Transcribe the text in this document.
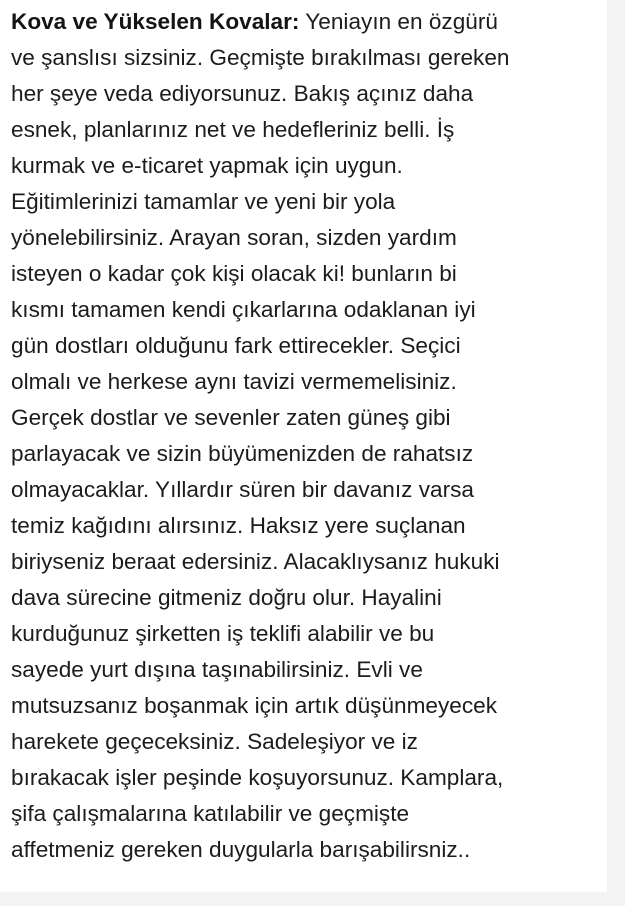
Kova ve Yükselen Kovalar: Yeniayın en özgürü
ve şanslısı sizsiniz. Geçmişte bırakılması gereken
her şeye veda ediyorsunuz. Bakış açınız daha
esnek, planlarınız net ve hedefleriniz belli. İş
kurmak ve e-ticaret yapmak için uygun.
Eğitimlerinizi tamamlar ve yeni bir yola
yönelebilirsiniz. Arayan soran, sizden yardım
isteyen o kadar çok kişi olacak ki! bunların bi
kısmı tamamen kendi çıkarlarına odaklanan iyi
gün dostları olduğunu fark ettirecekler. Seçici
olmalı ve herkese aynı tavizi vermemelisiniz.
Gerçek dostlar ve sevenler zaten güneş gibi
parlayacak ve sizin büyümenizden de rahatsız
olmayacaklar. Yıllardır süren bir davanız varsa
temiz kağıdını alırsınız. Haksız yere suçlanan
biriyseniz beraat edersiniz. Alacaklıysanız hukuki
dava sürecine gitmeniz doğru olur. Hayalini
kurduğunuz şirketten iş teklifi alabilir ve bu
sayede yurt dışına taşınabilirsiniz. Evli ve
mutsuzsanız boşanmak için artık düşünmeyecek
harekete geçeceksiniz. Sadeleşiyor ve iz
bırakacak işler peşinde koşuyorsunuz. Kamplara,
şifa çalışmalarına katılabilir ve geçmişte
affetmeniz gereken duygularla barışabilirsniz..
